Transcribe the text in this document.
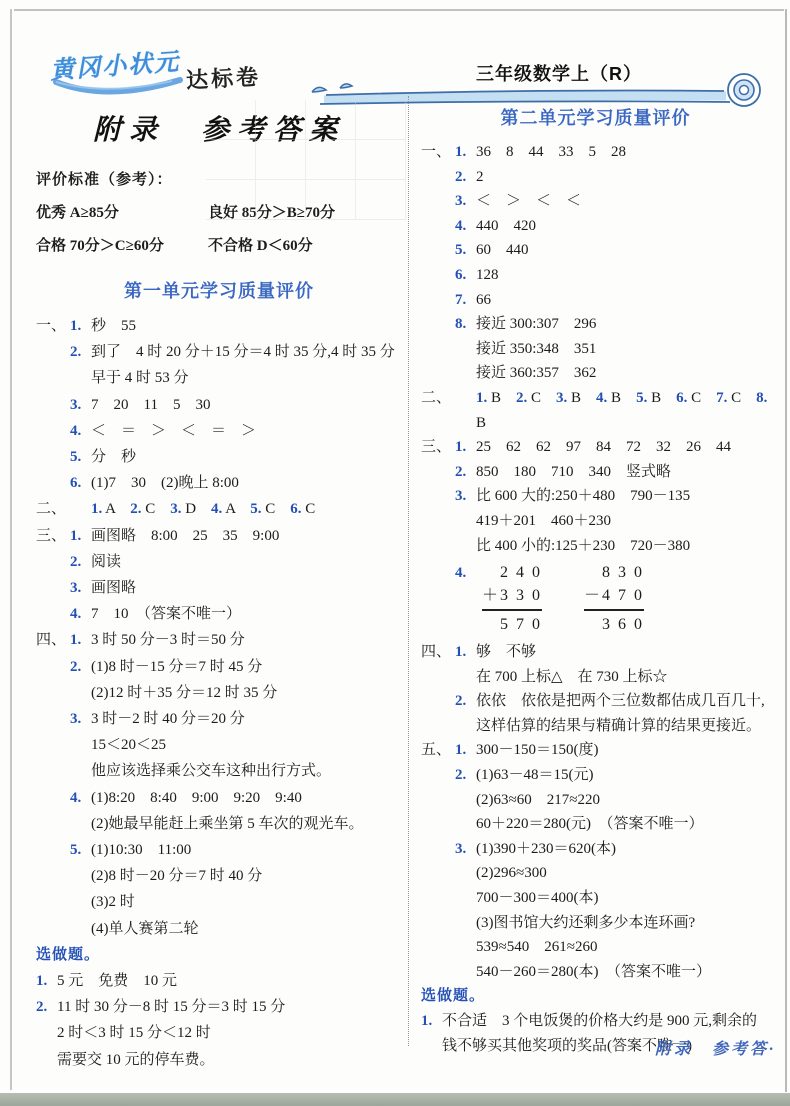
黄冈小状元 达标卷	三年级数学上（R）
附录　参考答案
评价标准（参考）：
优秀 A≥85分	良好 85分＞B≥70分
合格 70分＞C≥60分	不合格 D＜60分
第一单元学习质量评价
一、 1. 秒　55
2. 到了　4 时 20 分＋15 分＝4 时 35 分,4 时 35 分早于 4 时 53 分
3. 7　20　11　5　30
4. ＜　＝　＞　＜　＝　＞
5. 分　秒
6. (1)7　30　(2)晚上 8:00
二、 1. A　2. C　3. D　4. A　5. C　6. C
三、 1. 画图略　8:00　25　35　9:00
2. 阅读
3. 画图略
4. 7　10　（答案不唯一）
四、 1. 3 时 50 分－3 时＝50 分
2. (1)8 时－15 分＝7 时 45 分
(2)12 时＋35 分＝12 时 35 分
3. 3 时－2 时 40 分＝20 分
15＜20＜25
他应该选择乘公交车这种出行方式。
4. (1)8:20　8:40　9:00　9:20　9:40
(2)她最早能赶上乘坐第 5 车次的观光车。
5. (1)10:30　11:00
(2)8 时－20 分＝7 时 40 分
(3)2 时
(4)单人赛第二轮
选做题。
1. 5 元　免费　10 元
2. 11 时 30 分－8 时 15 分＝3 时 15 分
2 时＜3 时 15 分＜12 时
需要交 10 元的停车费。
第二单元学习质量评价
一、 1. 36　8　44　33　5　28
2. 2
3. ＜　＞　＜　＜
4. 440　420
5. 60　440
6. 128
7. 66
8. 接近 300:307　296
接近 350:348　351
接近 360:357　362
二、 1. B　2. C　3. B　4. B　5. B　6. C　7. C　8. B
三、 1. 25　62　62　97　84　72　32　26　44
2. 850　180　710　340　竖式略
3. 比 600 大的:250＋480　790－135
419＋201　460＋230
比 400 小的:125＋230　720－380
4. 　2 4 0
＋3 3 0
　5 7 0
　8 3 0
－4 7 0
　3 6 0
四、 1. 够　不够
在 700 上标△　在 730 上标☆
2. 依依　依依是把两个三位数都估成几百几十,这样估算的结果与精确计算的结果更接近。
五、 1. 300－150＝150(度)
2. (1)63－48＝15(元)
(2)63≈60　217≈220
60＋220＝280(元)　（答案不唯一）
3. (1)390＋230＝620(本)
(2)296≈300
700－300＝400(本)
(3)图书馆大约还剩多少本连环画?
539≈540　261≈260
540－260＝280(本)　（答案不唯一）
选做题。
1. 不合适　3 个电饭煲的价格大约是 900 元,剩余的钱不够买其他奖项的奖品(答案不唯一)
附录　参考答·
